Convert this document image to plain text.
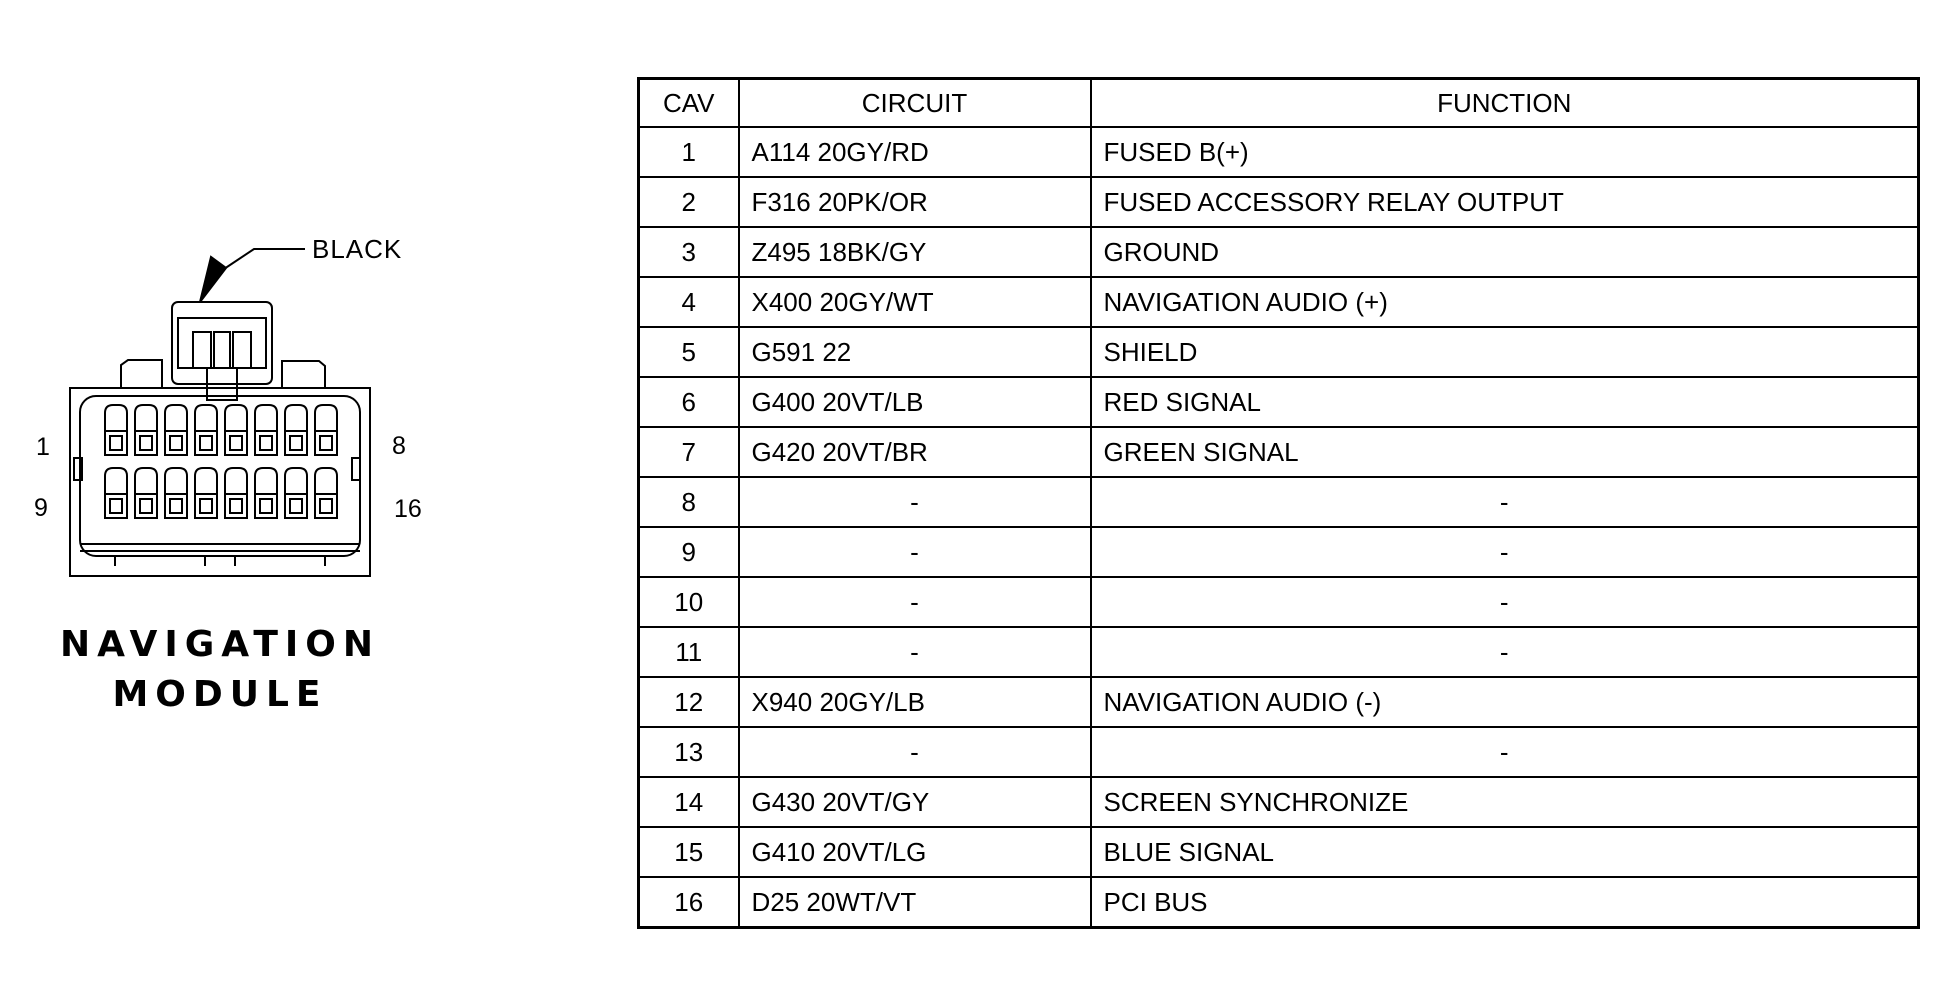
BLACK
1	8
9	16
NAVIGATION
MODULE
CAV	CIRCUIT	FUNCTION
1	A114 20GY/RD	FUSED B(+)
2	F316 20PK/OR	FUSED ACCESSORY RELAY OUTPUT
3	Z495 18BK/GY	GROUND
4	X400 20GY/WT	NAVIGATION AUDIO (+)
5	G591 22	SHIELD
6	G400 20VT/LB	RED SIGNAL
7	G420 20VT/BR	GREEN SIGNAL
8	-	-
9	-	-
10	-	-
11	-	-
12	X940 20GY/LB	NAVIGATION AUDIO (-)
13	-	-
14	G430 20VT/GY	SCREEN SYNCHRONIZE
15	G410 20VT/LG	BLUE SIGNAL
16	D25 20WT/VT	PCI BUS
